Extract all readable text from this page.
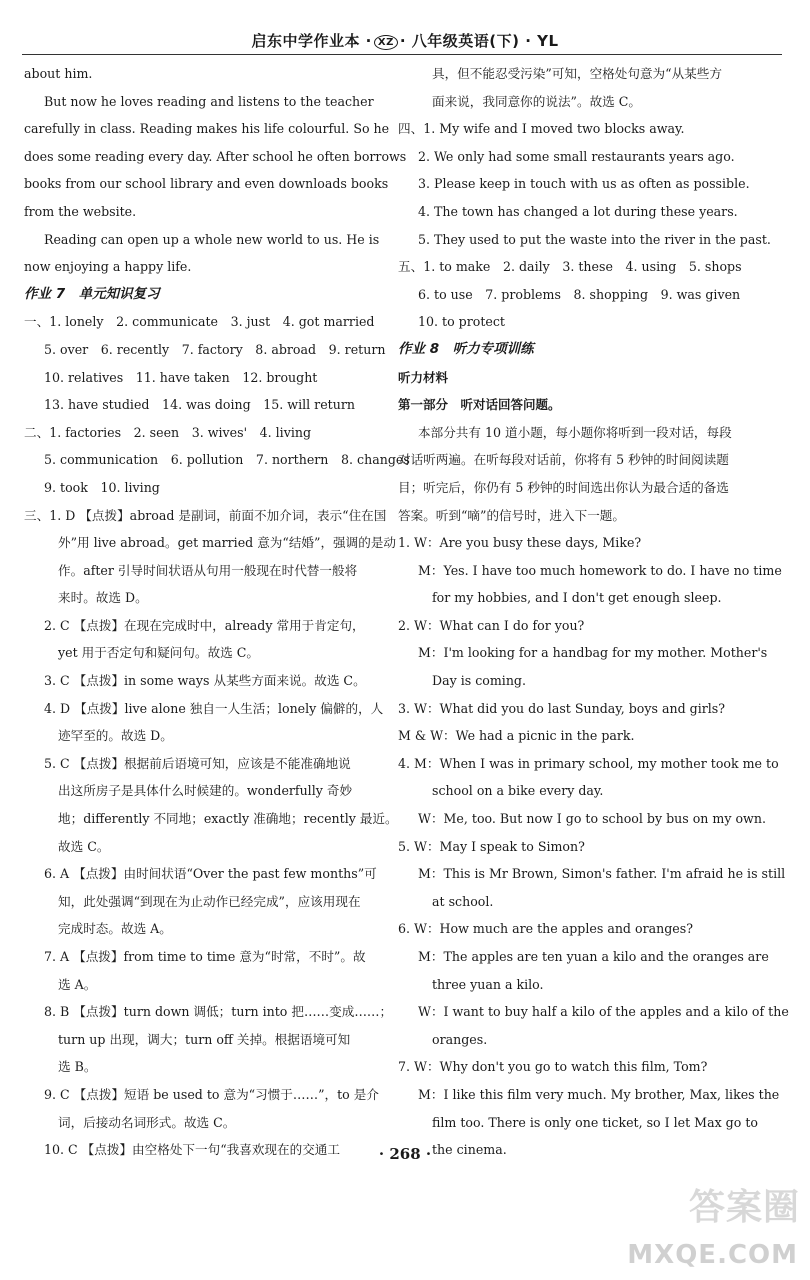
启东中学作业本 · XZ · 八年级英语(下) · YL
about him.
But now he loves reading and listens to the teacher
carefully in class. Reading makes his life colourful. So he
does some reading every day. After school he often borrows
books from our school library and even downloads books
from the website.
Reading can open up a whole new world to us. He is
now enjoying a happy life.
作业 7　单元知识复习
一、1. lonely　2. communicate　3. just　4. got married
5. over　6. recently　7. factory　8. abroad　9. return
10. relatives　11. have taken　12. brought
13. have studied　14. was doing　15. will return
二、1. factories　2. seen　3. wives'　4. living
5. communication　6. pollution　7. northern　8. changes
9. took　10. living
三、1. D 【点拨】abroad 是副词，前面不加介词，表示“住在国
外”用 live abroad。get married 意为“结婚”，强调的是动
作。after 引导时间状语从句用一般现在时代替一般将
来时。故选 D。
2. C 【点拨】在现在完成时中，already 常用于肯定句，
yet 用于否定句和疑问句。故选 C。
3. C 【点拨】in some ways 从某些方面来说。故选 C。
4. D 【点拨】live alone 独自一人生活；lonely 偏僻的，人
迹罕至的。故选 D。
5. C 【点拨】根据前后语境可知，应该是不能准确地说
出这所房子是具体什么时候建的。wonderfully 奇妙
地；differently 不同地；exactly 准确地；recently 最近。
故选 C。
6. A 【点拨】由时间状语“Over the past few months”可
知，此处强调“到现在为止动作已经完成”，应该用现在
完成时态。故选 A。
7. A 【点拨】from time to time 意为“时常，不时”。故
选 A。
8. B 【点拨】turn down 调低；turn into 把……变成……；
turn up 出现，调大；turn off 关掉。根据语境可知
选 B。
9. C 【点拨】短语 be used to 意为“习惯于……”，to 是介
词，后接动名词形式。故选 C。
10. C 【点拨】由空格处下一句“我喜欢现在的交通工
具，但不能忍受污染”可知，空格处句意为“从某些方
面来说，我同意你的说法”。故选 C。
四、1. My wife and I moved two blocks away.
2. We only had some small restaurants years ago.
3. Please keep in touch with us as often as possible.
4. The town has changed a lot during these years.
5. They used to put the waste into the river in the past.
五、1. to make　2. daily　3. these　4. using　5. shops
6. to use　7. problems　8. shopping　9. was given
10. to protect
作业 8　听力专项训练
听力材料
第一部分　听对话回答问题。
本部分共有 10 道小题，每小题你将听到一段对话，每段
对话听两遍。在听每段对话前，你将有 5 秒钟的时间阅读题
目；听完后，你仍有 5 秒钟的时间选出你认为最合适的备选
答案。听到“嘀”的信号时，进入下一题。
1. W：Are you busy these days, Mike?
M：Yes. I have too much homework to do. I have no time
for my hobbies, and I don't get enough sleep.
2. W：What can I do for you?
M：I'm looking for a handbag for my mother. Mother's
Day is coming.
3. W：What did you do last Sunday, boys and girls?
M & W：We had a picnic in the park.
4. M：When I was in primary school, my mother took me to
school on a bike every day.
W：Me, too. But now I go to school by bus on my own.
5. W：May I speak to Simon?
M：This is Mr Brown, Simon's father. I'm afraid he is still
at school.
6. W：How much are the apples and oranges?
M：The apples are ten yuan a kilo and the oranges are
three yuan a kilo.
W：I want to buy half a kilo of the apples and a kilo of the
oranges.
7. W：Why don't you go to watch this film, Tom?
M：I like this film very much. My brother, Max, likes the
film too. There is only one ticket, so I let Max go to
the cinema.
· 268 ·
答案圈
MXQE.COM
